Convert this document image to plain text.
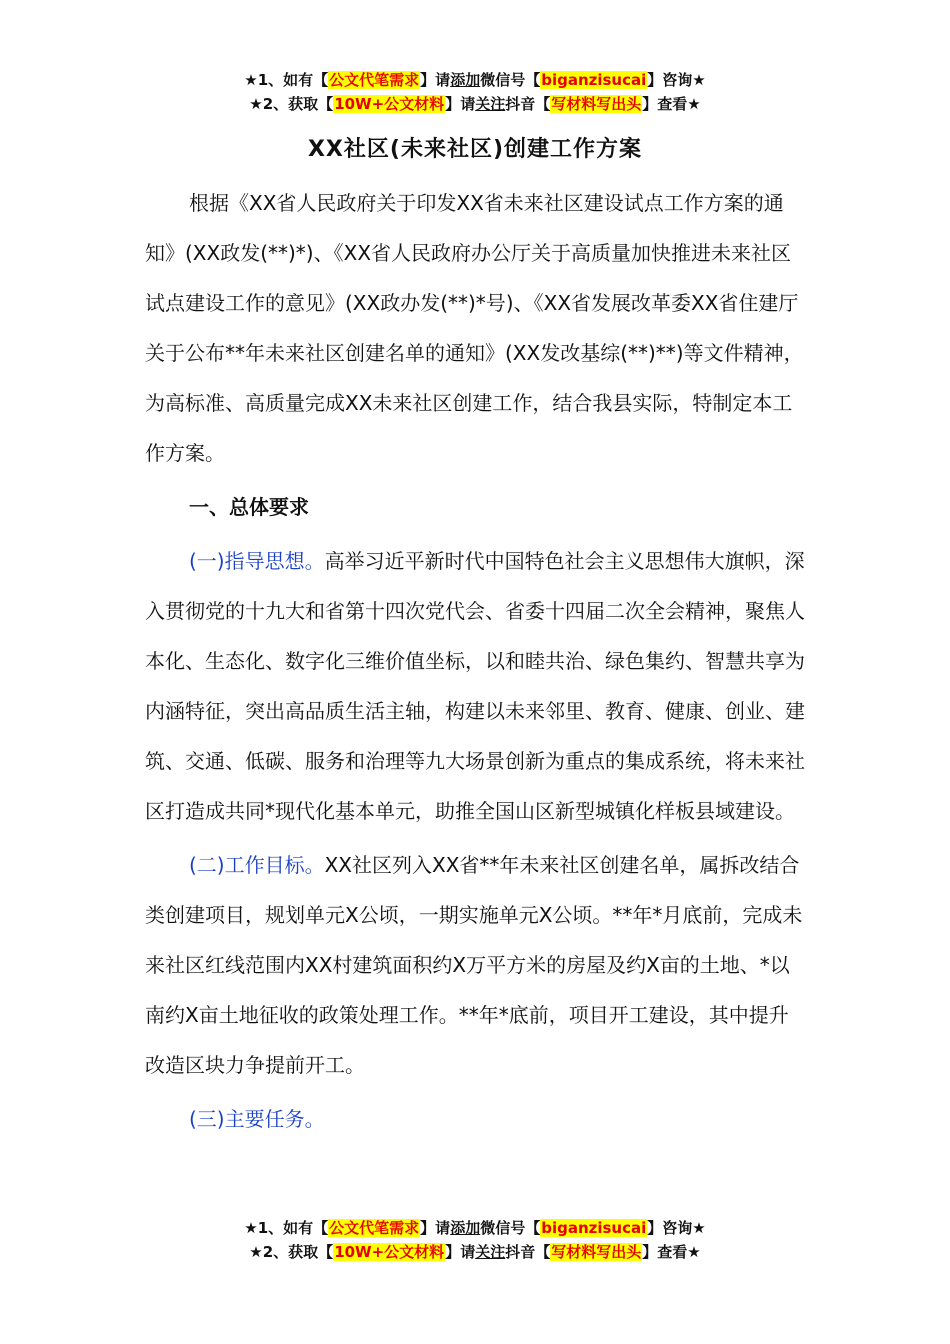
★1、如有【公文代笔需求】请添加微信号【biganzisucai】咨询★
★2、获取【10W+公文材料】请关注抖音【写材料写出头】查看★
XX社区(未来社区)创建工作方案

根据《XX省人民政府关于印发XX省未来社区建设试点工作方案的通知》(XX政发(**)*)、《XX省人民政府办公厅关于高质量加快推进未来社区试点建设工作的意见》(XX政办发(**)*号)、《XX省发展改革委XX省住建厅关于公布**年未来社区创建名单的通知》(XX发改基综(**)**)等文件精神，为高标准、高质量完成XX未来社区创建工作，结合我县实际，特制定本工作方案。

一、总体要求

(一)指导思想。高举习近平新时代中国特色社会主义思想伟大旗帜，深入贯彻党的十九大和省第十四次党代会、省委十四届二次全会精神，聚焦人本化、生态化、数字化三维价值坐标，以和睦共治、绿色集约、智慧共享为内涵特征，突出高品质生活主轴，构建以未来邻里、教育、健康、创业、建筑、交通、低碳、服务和治理等九大场景创新为重点的集成系统，将未来社区打造成共同*现代化基本单元，助推全国山区新型城镇化样板县域建设。

(二)工作目标。XX社区列入XX省**年未来社区创建名单，属拆改结合类创建项目，规划单元X公顷，一期实施单元X公顷。**年*月底前，完成未来社区红线范围内XX村建筑面积约X万平方米的房屋及约X亩的土地、*以南约X亩土地征收的政策处理工作。**年*底前，项目开工建设，其中提升改造区块力争提前开工。

(三)主要任务。

★1、如有【公文代笔需求】请添加微信号【biganzisucai】咨询★
★2、获取【10W+公文材料】请关注抖音【写材料写出头】查看★
